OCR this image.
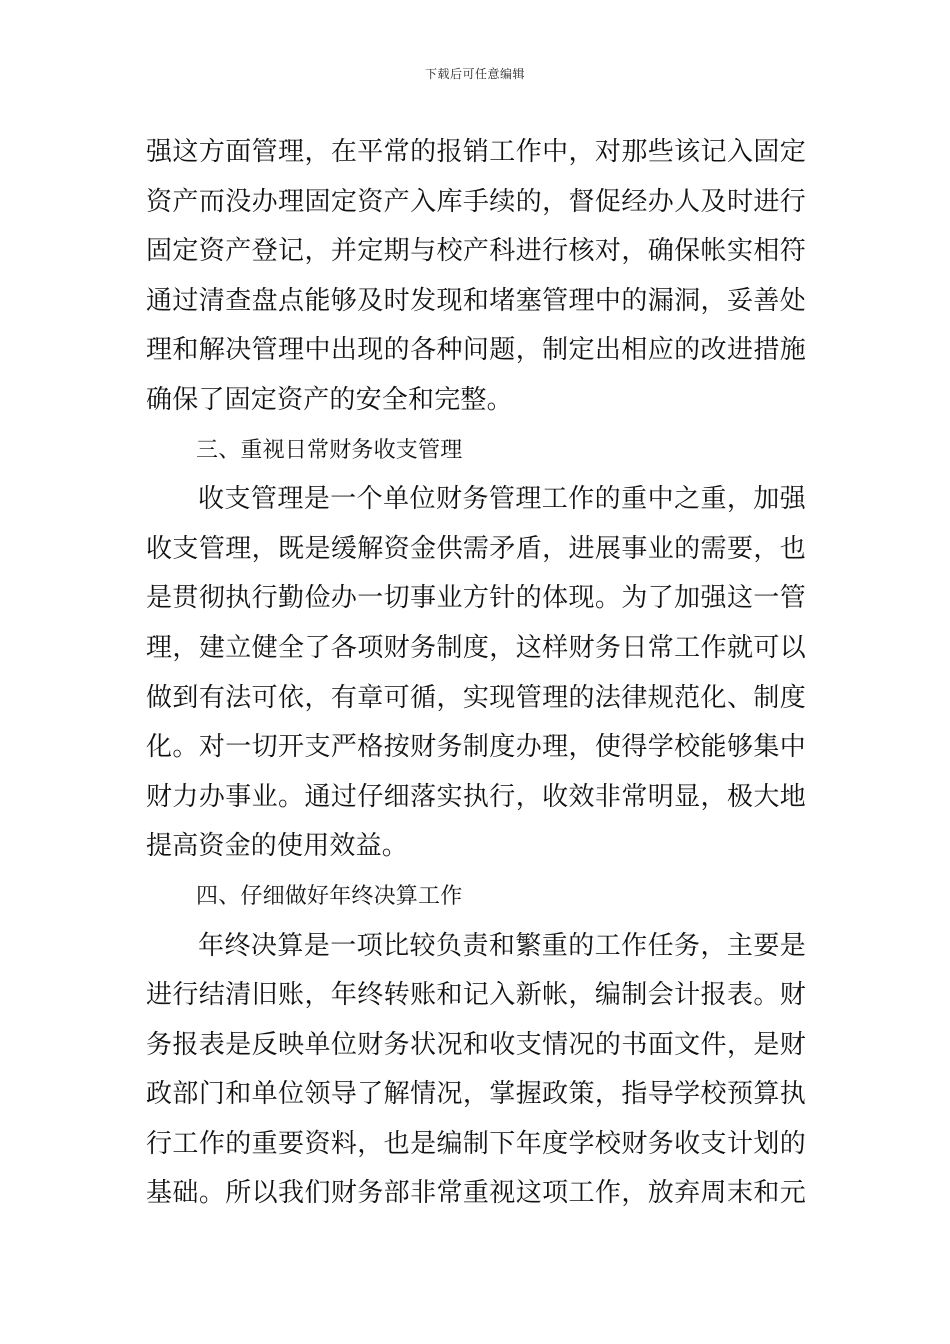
下载后可任意编辑
强这方面管理，在平常的报销工作中，对那些该记入固定
资产而没办理固定资产入库手续的，督促经办人及时进行
固定资产登记，并定期与校产科进行核对，确保帐实相符
通过清查盘点能够及时发现和堵塞管理中的漏洞，妥善处
理和解决管理中出现的各种问题，制定出相应的改进措施
确保了固定资产的安全和完整。
三、重视日常财务收支管理
收支管理是一个单位财务管理工作的重中之重，加强
收支管理，既是缓解资金供需矛盾，进展事业的需要，也
是贯彻执行勤俭办一切事业方针的体现。为了加强这一管
理，建立健全了各项财务制度，这样财务日常工作就可以
做到有法可依，有章可循，实现管理的法律规范化、制度
化。对一切开支严格按财务制度办理，使得学校能够集中
财力办事业。通过仔细落实执行，收效非常明显，极大地
提高资金的使用效益。
四、仔细做好年终决算工作
年终决算是一项比较负责和繁重的工作任务，主要是
进行结清旧账，年终转账和记入新帐，编制会计报表。财
务报表是反映单位财务状况和收支情况的书面文件，是财
政部门和单位领导了解情况，掌握政策，指导学校预算执
行工作的重要资料，也是编制下年度学校财务收支计划的
基础。所以我们财务部非常重视这项工作，放弃周末和元
